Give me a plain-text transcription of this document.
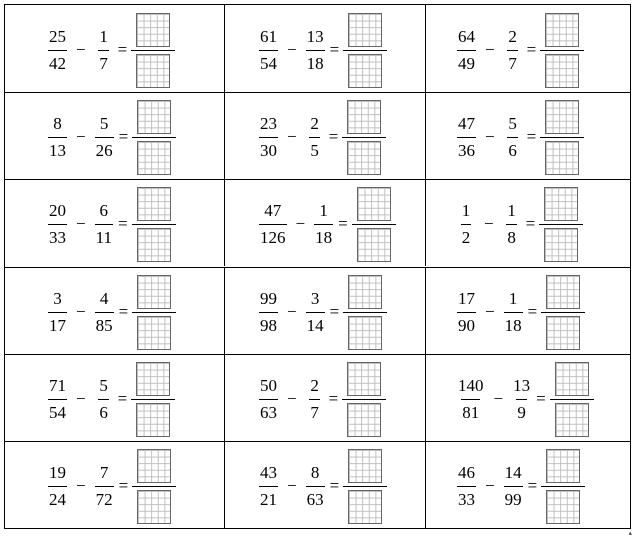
$\frac{25}{42} - \frac{1}{7}$ =	$\frac{61}{54} - \frac{13}{18}$ =	$\frac{64}{49} - \frac{2}{7}$ =
$\frac{8}{13} - \frac{5}{26}$ =	$\frac{23}{30} - \frac{2}{5}$ =	$\frac{47}{36} - \frac{5}{6}$ =
$\frac{20}{33} - \frac{6}{11}$ =	$\frac{47}{126} - \frac{1}{18}$ =	$\frac{1}{2} - \frac{1}{8}$ =
$\frac{3}{17} - \frac{4}{85}$ =	$\frac{99}{98} - \frac{3}{14}$ =	$\frac{17}{90} - \frac{1}{18}$ =
$\frac{71}{54} - \frac{5}{6}$ =	$\frac{50}{63} - \frac{2}{7}$ =	$\frac{140}{81} - \frac{13}{9}$ =
$\frac{19}{24} - \frac{7}{72}$ =	$\frac{43}{21} - \frac{8}{63}$ =	$\frac{46}{33} - \frac{14}{99}$ =
▴
